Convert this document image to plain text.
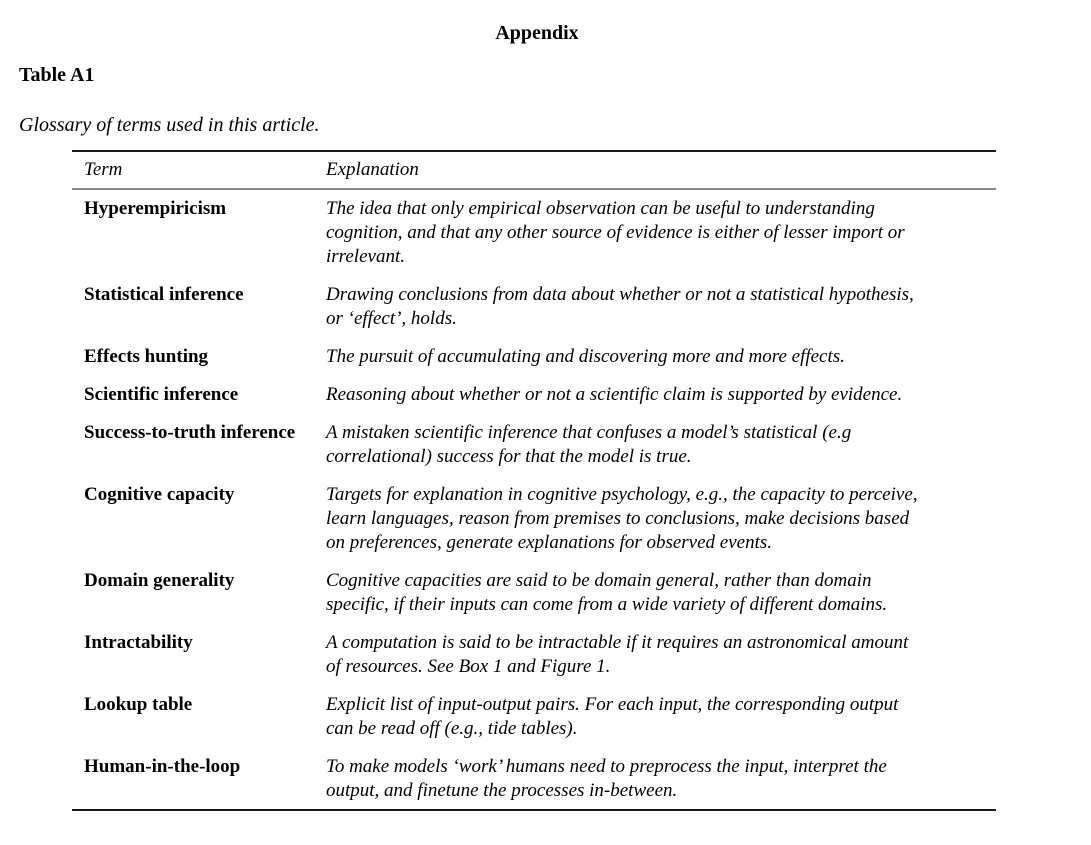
Appendix
Table A1
Glossary of terms used in this article.
Term	Explanation
Hyperempiricism	The idea that only empirical observation can be useful to understanding
cognition, and that any other source of evidence is either of lesser import or
irrelevant.
Statistical inference	Drawing conclusions from data about whether or not a statistical hypothesis,
or ‘effect’, holds.
Effects hunting	The pursuit of accumulating and discovering more and more effects.
Scientific inference	Reasoning about whether or not a scientific claim is supported by evidence.
Success-to-truth inference	A mistaken scientific inference that confuses a model’s statistical (e.g
correlational) success for that the model is true.
Cognitive capacity	Targets for explanation in cognitive psychology, e.g., the capacity to perceive,
learn languages, reason from premises to conclusions, make decisions based
on preferences, generate explanations for observed events.
Domain generality	Cognitive capacities are said to be domain general, rather than domain
specific, if their inputs can come from a wide variety of different domains.
Intractability	A computation is said to be intractable if it requires an astronomical amount
of resources. See Box 1 and Figure 1.
Lookup table	Explicit list of input-output pairs. For each input, the corresponding output
can be read off (e.g., tide tables).
Human-in-the-loop	To make models ‘work’ humans need to preprocess the input, interpret the
output, and finetune the processes in-between.
